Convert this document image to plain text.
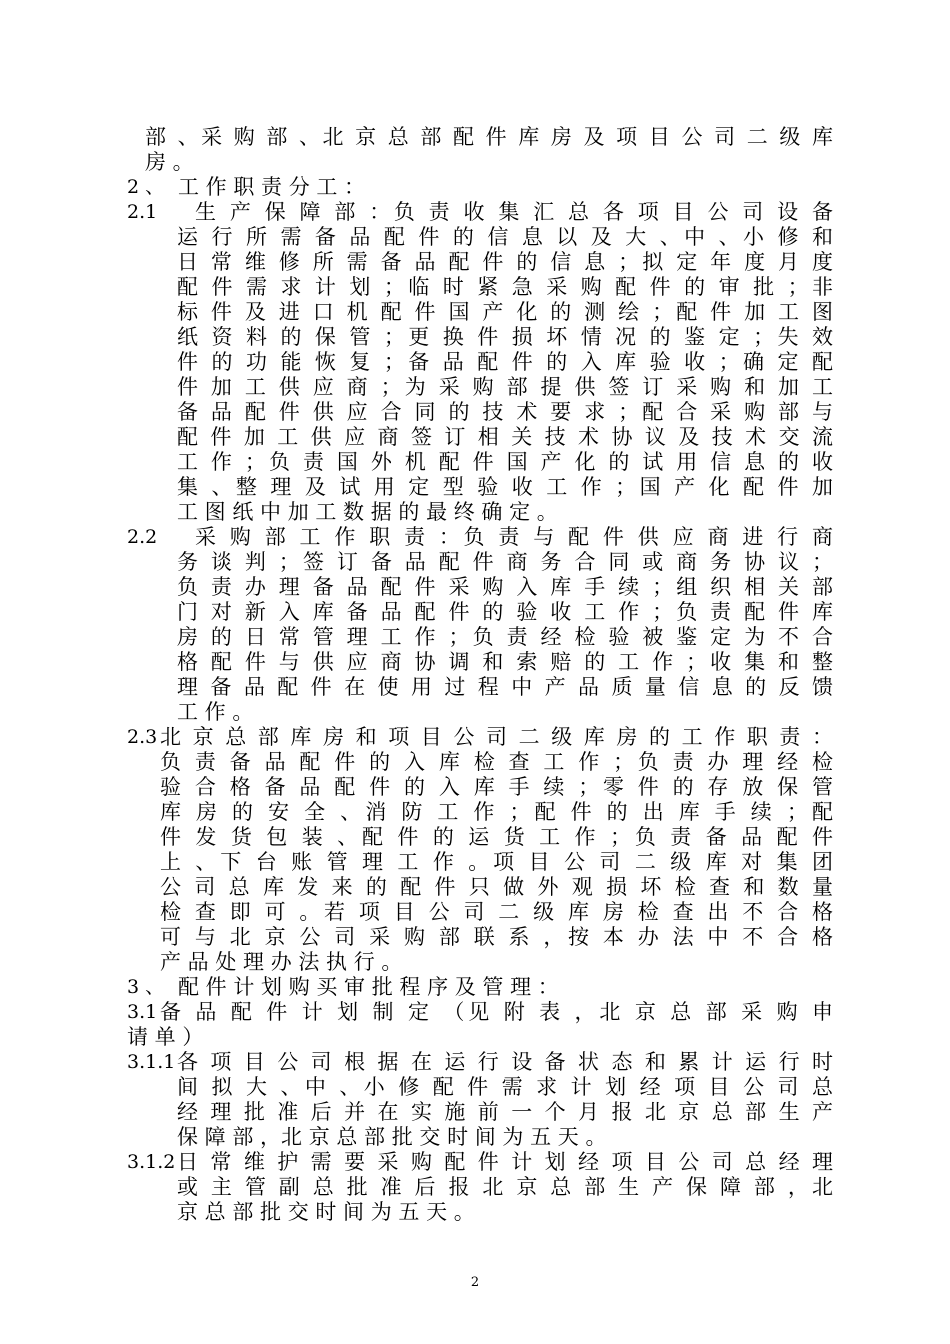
部 、采 购 部 、北 京 总 部 配 件 库 房 及 项 目 公 司 二 级 库
房 。
2 、 工 作 职 责 分 工 ：
2.1 生 产 保 障 部 ：负 责 收 集 汇 总 各 项 目 公 司 设 备
运 行 所 需 备 品 配 件 的 信 息 以 及 大 、中 、小 修 和
日 常 维 修 所 需 备 品 配 件 的 信 息 ；拟 定 年 度 月 度
配 件 需 求 计 划 ；临 时 紧 急 采 购 配 件 的 审 批 ；非
标 件 及 进 口 机 配 件 国 产 化 的 测 绘 ；配 件 加 工 图
纸 资 料 的 保 管 ；更 换 件 损 坏 情 况 的 鉴 定 ；失 效
件 的 功 能 恢 复 ；备 品 配 件 的 入 库 验 收 ；确 定 配
件 加 工 供 应 商 ；为 采 购 部 提 供 签 订 采 购 和 加 工
备 品 配 件 供 应 合 同 的 技 术 要 求 ；配 合 采 购 部 与
配 件 加 工 供 应 商 签 订 相 关 技 术 协 议 及 技 术 交 流
工 作 ；负 责 国 外 机 配 件 国 产 化 的 试 用 信 息 的 收
集 、整 理 及 试 用 定 型 验 收 工 作 ；国 产 化 配 件 加
工 图 纸 中 加 工 数 据 的 最 终 确 定 。
2.2 采 购 部 工 作 职 责 ：负 责 与 配 件 供 应 商 进 行 商
务 谈 判 ；签 订 备 品 配 件 商 务 合 同 或 商 务 协 议 ；
负 责 办 理 备 品 配 件 采 购 入 库 手 续 ；组 织 相 关 部
门 对 新 入 库 备 品 配 件 的 验 收 工 作 ；负 责 配 件 库
房 的 日 常 管 理 工 作 ；负 责 经 检 验 被 鉴 定 为 不 合
格 配 件 与 供 应 商 协 调 和 索 赔 的 工 作 ；收 集 和 整
理 备 品 配 件 在 使 用 过 程 中 产 品 质 量 信 息 的 反 馈
工 作 。
2.3 北 京 总 部 库 房 和 项 目 公 司 二 级 库 房 的 工 作 职 责 ：
负 责 备 品 配 件 的 入 库 检 查 工 作 ；负 责 办 理 经 检
验 合 格 备 品 配 件 的 入 库 手 续 ；零 件 的 存 放 保 管
库 房 的 安 全 、消 防 工 作 ；配 件 的 出 库 手 续 ；配
件 发 货 包 装 、配 件 的 运 货 工 作 ；负 责 备 品 配 件
上 、下 台 账 管 理 工 作 。项 目 公 司 二 级 库 对 集 团
公 司 总 库 发 来 的 配 件 只 做 外 观 损 坏 检 查 和 数 量
检 查 即 可 。若 项 目 公 司 二 级 库 房 检 查 出 不 合 格
可 与 北 京 公 司 采 购 部 联 系 ，按 本 办 法 中 不 合 格
产 品 处 理 办 法 执 行 。
3 、 配 件 计 划 购 买 审 批 程 序 及 管 理 ：
3.1 备 品 配 件 计 划 制 定 （见 附 表 ，北 京 总 部 采 购 申
请 单 ）
3.1.1 各 项 目 公 司 根 据 在 运 行 设 备 状 态 和 累 计 运 行 时
间 拟 大 、中 、小 修 配 件 需 求 计 划 经 项 目 公 司 总
经 理 批 准 后 并 在 实 施 前 一 个 月 报 北 京 总 部 生 产
保 障 部 ，北 京 总 部 批 交 时 间 为 五 天 。
3.1.2 日 常 维 护 需 要 采 购 配 件 计 划 经 项 目 公 司 总 经 理
或 主 管 副 总 批 准 后 报 北 京 总 部 生 产 保 障 部 ，北
京 总 部 批 交 时 间 为 五 天 。
2
